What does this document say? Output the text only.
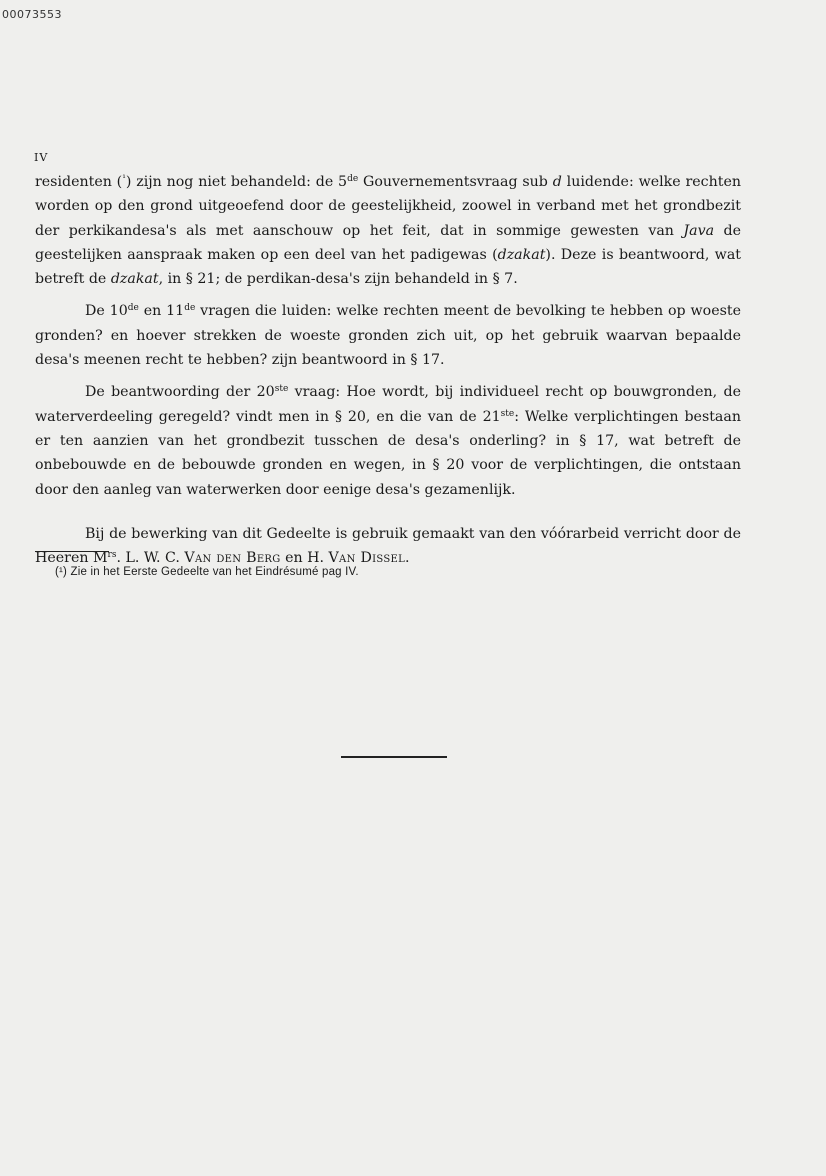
00073553
IV

residenten ($^{^1}$) zijn nog niet behandeld: de 5de Gouvernementsvraag sub d luidende: welke rechten worden op den grond uitgeoefend door de geestelijkheid, zoowel in verband met het grondbezit der perkikandesa's als met aanschouw op het feit, dat in sommige gewesten van Java de geestelijken aanspraak maken op een deel van het padigewas (dzakat). Deze is beantwoord, wat betreft de dzakat, in § 21; de perdikan-desa's zijn behandeld in § 7.

De 10de en 11de vragen die luiden: welke rechten meent de bevolking te hebben op woeste gronden? en hoever strekken de woeste gronden zich uit, op het gebruik waarvan bepaalde desa's meenen recht te hebben? zijn beantwoord in § 17.

De beantwoording der 20ste vraag: Hoe wordt, bij individueel recht op bouwgronden, de waterverdeeling geregeld? vindt men in § 20, en die van de 21ste: Welke verplichtingen bestaan er ten aanzien van het grondbezit tusschen de desa's onderling? in § 17, wat betreft de onbebouwde en de bebouwde gronden en wegen, in § 20 voor de verplichtingen, die ontstaan door den aanleg van waterwerken door eenige desa's gezamenlijk.

Bij de bewerking van dit Gedeelte is gebruik gemaakt van den vóórarbeid verricht door de Heeren $M^{rs}$. L. W. C. Van den Berg en H. Van Dissel.

(¹) Zie in het Eerste Gedeelte van het Eindrésumé pag IV.
